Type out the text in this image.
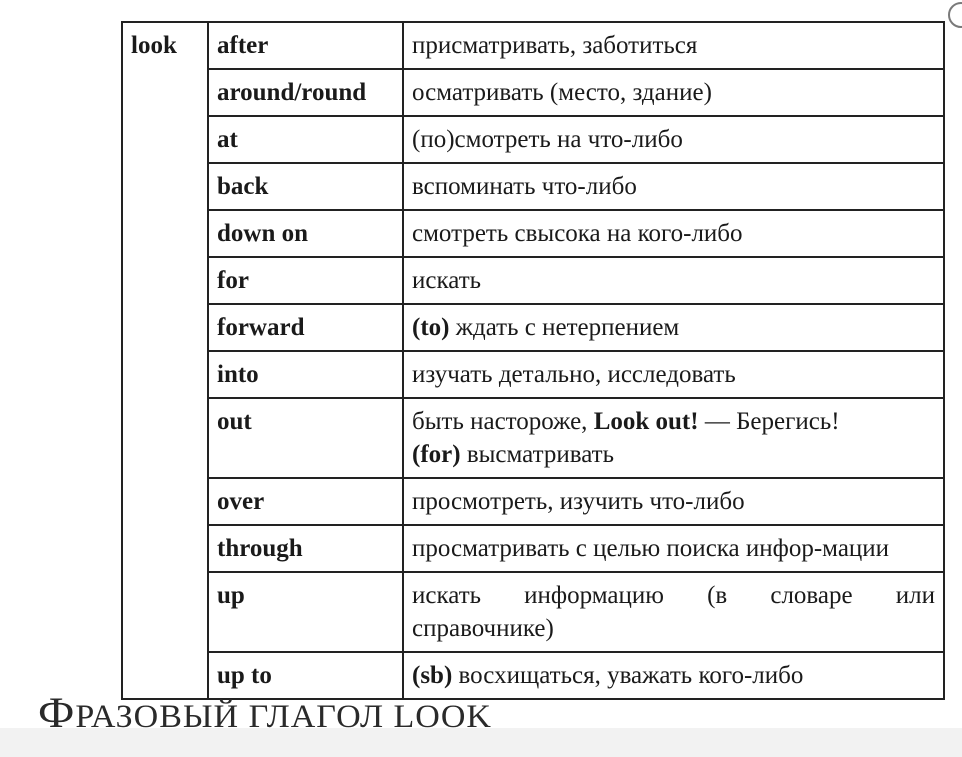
look	after	присматривать, заботиться
	around/round	осматривать (место, здание)
	at	(по)смотреть на что-либо
	back	вспоминать что-либо
	down on	смотреть свысока на кого-либо
	for	искать
	forward	(to) ждать с нетерпением
	into	изучать детально, исследовать
	out	быть настороже, Look out! — Берегись!
(for) высматривать
	over	просмотреть, изучить что-либо
	through	просматривать с целью поиска инфор-мации
	up	искать информацию (в словаре или справочнике)
	up to	(sb) восхищаться, уважать кого-либо
ФРАЗОВЫЙ ГЛАГОЛ LOOK
